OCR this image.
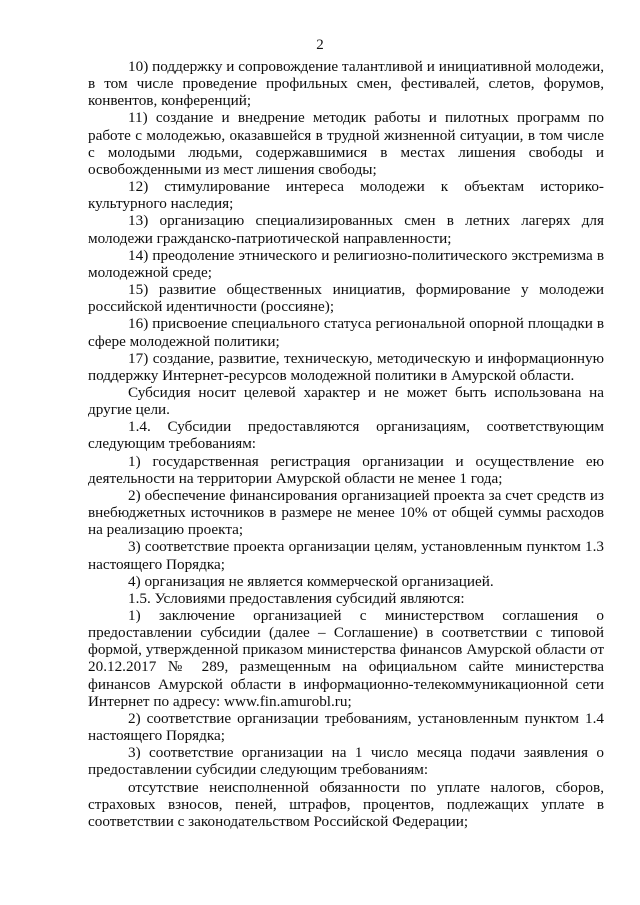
2

10) поддержку и сопровождение талантливой и инициативной молодежи, в том числе проведение профильных смен, фестивалей, слетов, форумов, конвентов, конференций;

11) создание и внедрение методик работы и пилотных программ по работе с молодежью, оказавшейся в трудной жизненной ситуации, в том числе с молодыми людьми, содержавшимися в местах лишения свободы и освобожденными из мест лишения свободы;

12) стимулирование интереса молодежи к объектам историко-культурного наследия;

13) организацию специализированных смен в летних лагерях для молодежи гражданско-патриотической направленности;

14) преодоление этнического и религиозно-политического экстремизма в молодежной среде;

15) развитие общественных инициатив, формирование у молодежи российской идентичности (россияне);

16) присвоение специального статуса региональной опорной площадки в сфере молодежной политики;

17) создание, развитие, техническую, методическую и информационную поддержку Интернет-ресурсов молодежной политики в Амурской области.

Субсидия носит целевой характер и не может быть использована на другие цели.

1.4. Субсидии предоставляются организациям, соответствующим следующим требованиям:

1) государственная регистрация организации и осуществление ею деятельности на территории Амурской области не менее 1 года;

2) обеспечение финансирования организацией проекта за счет средств из внебюджетных источников в размере не менее 10% от общей суммы расходов на реализацию проекта;

3) соответствие проекта организации целям, установленным пунктом 1.3 настоящего Порядка;

4) организация не является коммерческой организацией.

1.5. Условиями предоставления субсидий являются:

1) заключение организацией с министерством соглашения о предоставлении субсидии (далее – Соглашение) в соответствии с типовой формой, утвержденной приказом министерства финансов Амурской области от 20.12.2017 № 289, размещенным на официальном сайте министерства финансов Амурской области в информационно-телекоммуникационной сети Интернет по адресу: www.fin.amurobl.ru;

2) соответствие организации требованиям, установленным пунктом 1.4 настоящего Порядка;

3) соответствие организации на 1 число месяца подачи заявления о предоставлении субсидии следующим требованиям:

отсутствие неисполненной обязанности по уплате налогов, сборов, страховых взносов, пеней, штрафов, процентов, подлежащих уплате в соответствии с законодательством Российской Федерации;
